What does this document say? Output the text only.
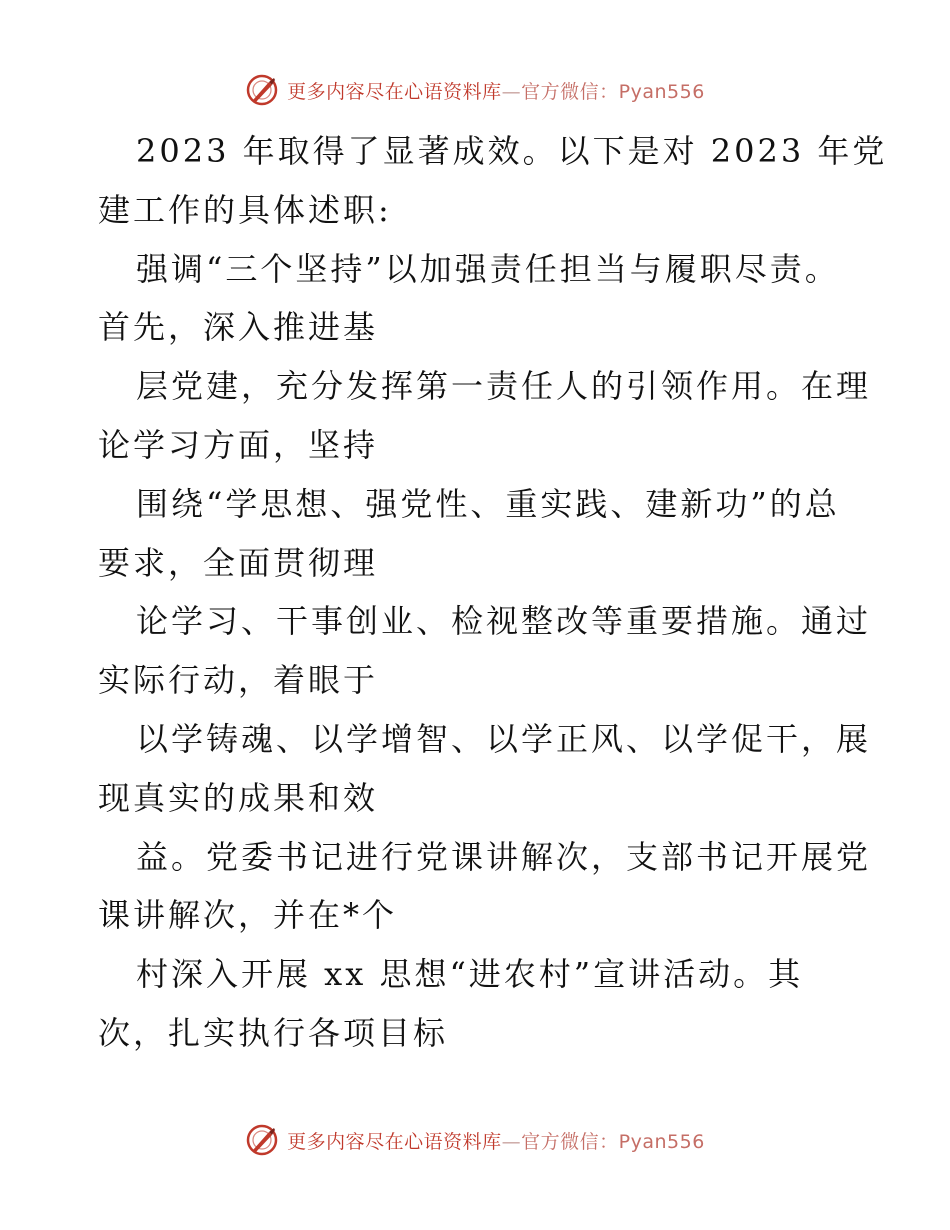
更多内容尽在心语资料库—官方微信：Pyan556
2023 年取得了显著成效。以下是对 2023 年党
建工作的具体述职:
强调“三个坚持”以加强责任担当与履职尽责。
首先，深入推进基
层党建，充分发挥第一责任人的引领作用。在理
论学习方面，坚持
围绕“学思想、强党性、重实践、建新功”的总
要求，全面贯彻理
论学习、干事创业、检视整改等重要措施。通过
实际行动，着眼于
以学铸魂、以学增智、以学正风、以学促干，展
现真实的成果和效
益。党委书记进行党课讲解次，支部书记开展党
课讲解次，并在*个
村深入开展 xx 思想“进农村”宣讲活动。其
次，扎实执行各项目标
更多内容尽在心语资料库—官方微信：Pyan556
